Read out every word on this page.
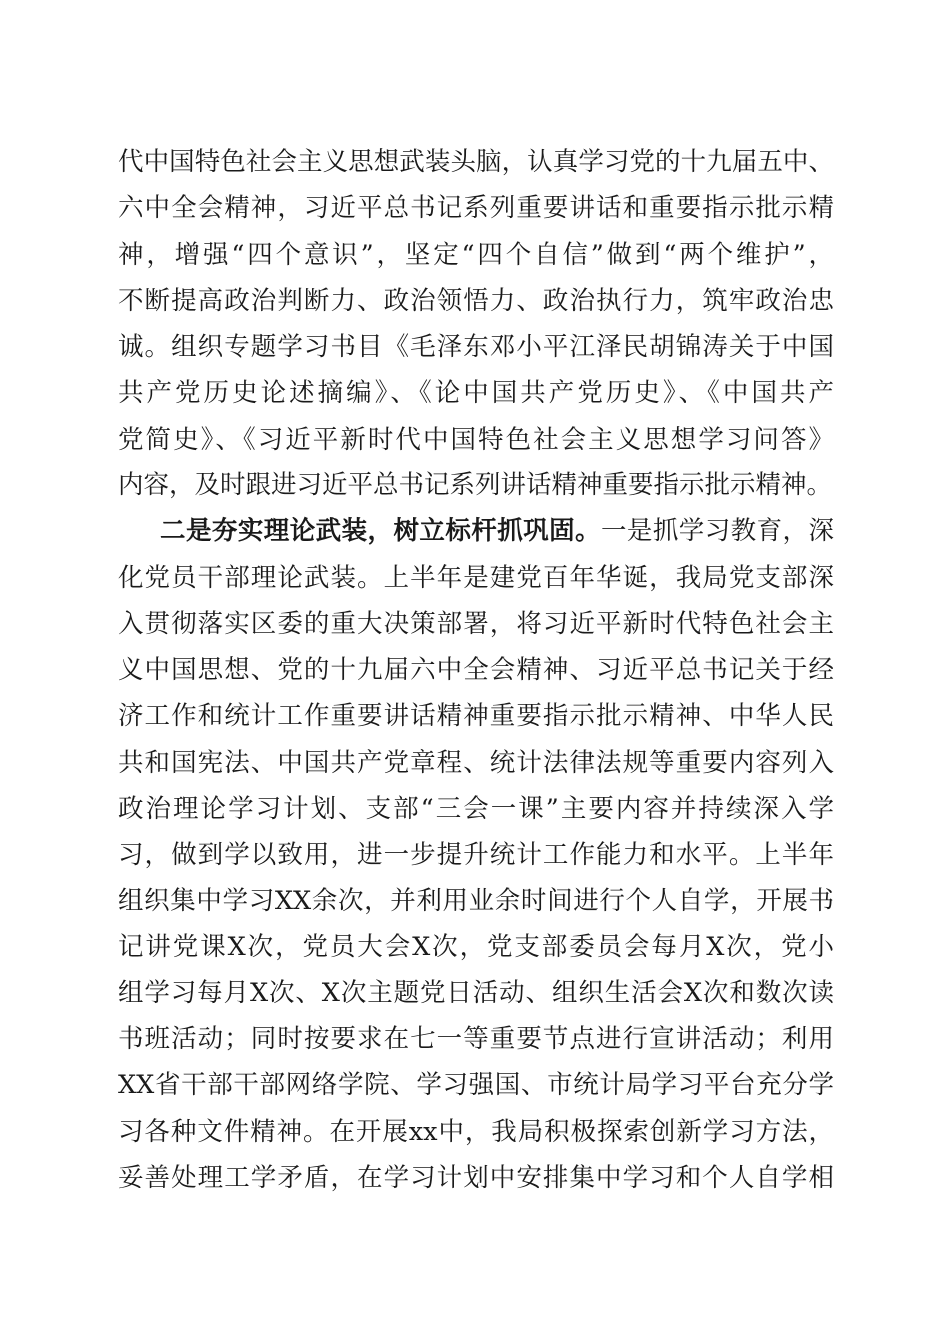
代中国特色社会主义思想武装头脑，认真学习党的十九届五中、
六中全会精神，习近平总书记系列重要讲话和重要指示批示精
神，增强“四个意识”，坚定“四个自信”做到“两个维护”，
不断提高政治判断力、政治领悟力、政治执行力，筑牢政治忠
诚。组织专题学习书目《毛泽东邓小平江泽民胡锦涛关于中国
共产党历史论述摘编》、《论中国共产党历史》、《中国共产
党简史》、《习近平新时代中国特色社会主义思想学习问答》
内容，及时跟进习近平总书记系列讲话精神重要指示批示精神。
二是夯实理论武装，树立标杆抓巩固。一是抓学习教育，深
化党员干部理论武装。上半年是建党百年华诞，我局党支部深
入贯彻落实区委的重大决策部署，将习近平新时代特色社会主
义中国思想、党的十九届六中全会精神、习近平总书记关于经
济工作和统计工作重要讲话精神重要指示批示精神、中华人民
共和国宪法、中国共产党章程、统计法律法规等重要内容列入
政治理论学习计划、支部“三会一课”主要内容并持续深入学
习，做到学以致用，进一步提升统计工作能力和水平。上半年
组织集中学习XX余次，并利用业余时间进行个人自学，开展书
记讲党课X次，党员大会X次，党支部委员会每月X次，党小
组学习每月X次、X次主题党日活动、组织生活会X次和数次读
书班活动；同时按要求在七一等重要节点进行宣讲活动；利用
XX省干部干部网络学院、学习强国、市统计局学习平台充分学
习各种文件精神。在开展xx中，我局积极探索创新学习方法，
妥善处理工学矛盾，在学习计划中安排集中学习和个人自学相
